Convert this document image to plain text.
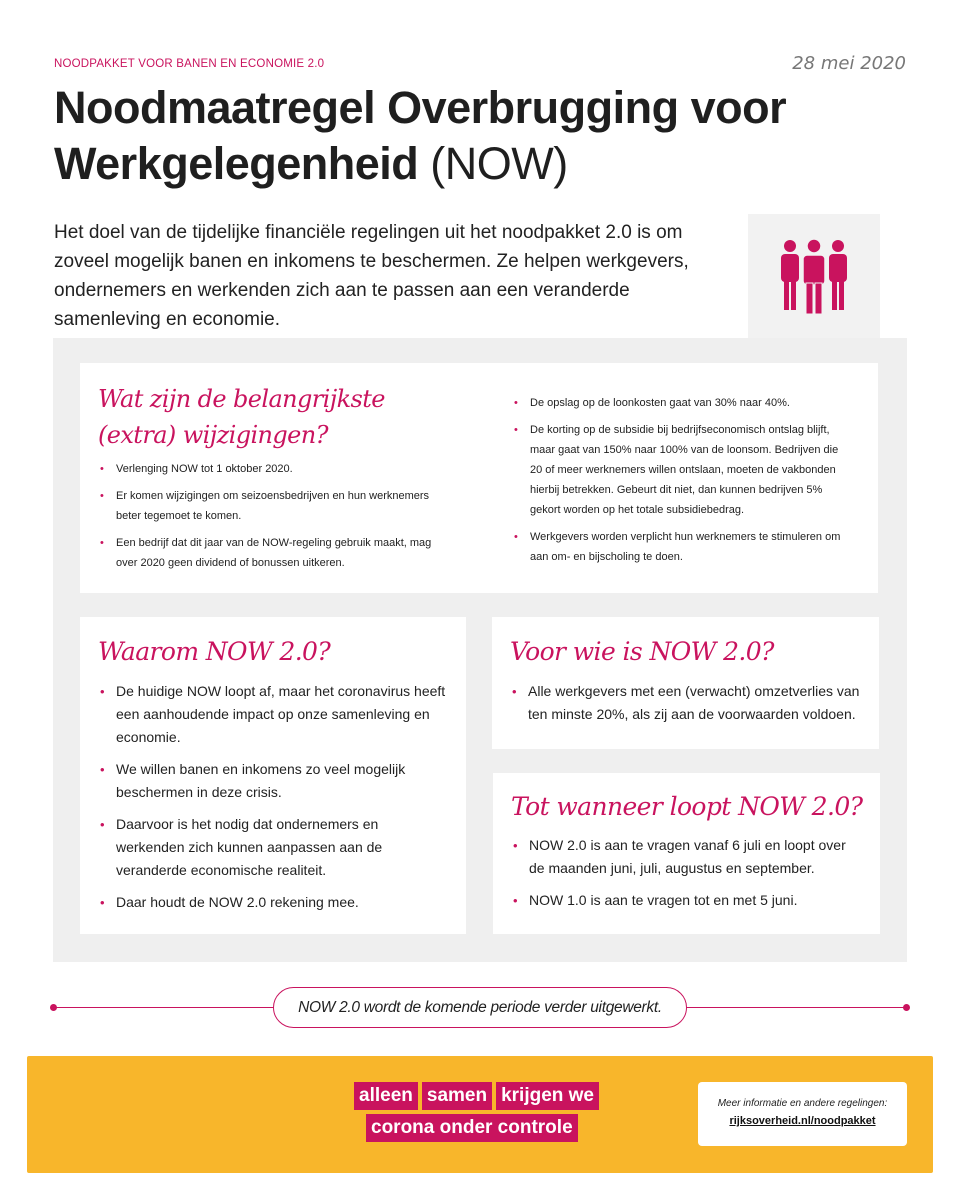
NOODPAKKET VOOR BANEN EN ECONOMIE 2.0	28 mei 2020
Noodmaatregel Overbrugging voor Werkgelegenheid (NOW)

Het doel van de tijdelijke financiële regelingen uit het noodpakket 2.0 is om zoveel mogelijk banen en inkomens te beschermen. Ze helpen werkgevers, ondernemers en werkenden zich aan te passen aan een veranderde samenleving en economie.

Wat zijn de belangrijkste (extra) wijzigingen?
• Verlenging NOW tot 1 oktober 2020.
• Er komen wijzigingen om seizoensbedrijven en hun werknemers beter tegemoet te komen.
• Een bedrijf dat dit jaar van de NOW-regeling gebruik maakt, mag over 2020 geen dividend of bonussen uitkeren.
• De opslag op de loonkosten gaat van 30% naar 40%.
• De korting op de subsidie bij bedrijfseconomisch ontslag blijft, maar gaat van 150% naar 100% van de loonsom. Bedrijven die 20 of meer werknemers willen ontslaan, moeten de vakbonden hierbij betrekken. Gebeurt dit niet, dan kunnen bedrijven 5% gekort worden op het totale subsidiebedrag.
• Werkgevers worden verplicht hun werknemers te stimuleren om aan om- en bijscholing te doen.
Waarom NOW 2.0?
• De huidige NOW loopt af, maar het coronavirus heeft een aanhoudende impact op onze samenleving en economie.
• We willen banen en inkomens zo veel mogelijk beschermen in deze crisis.
• Daarvoor is het nodig dat ondernemers en werkenden zich kunnen aanpassen aan de veranderde economische realiteit.
• Daar houdt de NOW 2.0 rekening mee.
Voor wie is NOW 2.0?
• Alle werkgevers met een (verwacht) omzetverlies van ten minste 20%, als zij aan de voorwaarden voldoen.
Tot wanneer loopt NOW 2.0?
• NOW 2.0 is aan te vragen vanaf 6 juli en loopt over de maanden juni, juli, augustus en september.
• NOW 1.0 is aan te vragen tot en met 5 juni.
NOW 2.0 wordt de komende periode verder uitgewerkt.
alleen samen krijgen we
corona onder controle
Meer informatie en andere regelingen:
rijksoverheid.nl/noodpakket
